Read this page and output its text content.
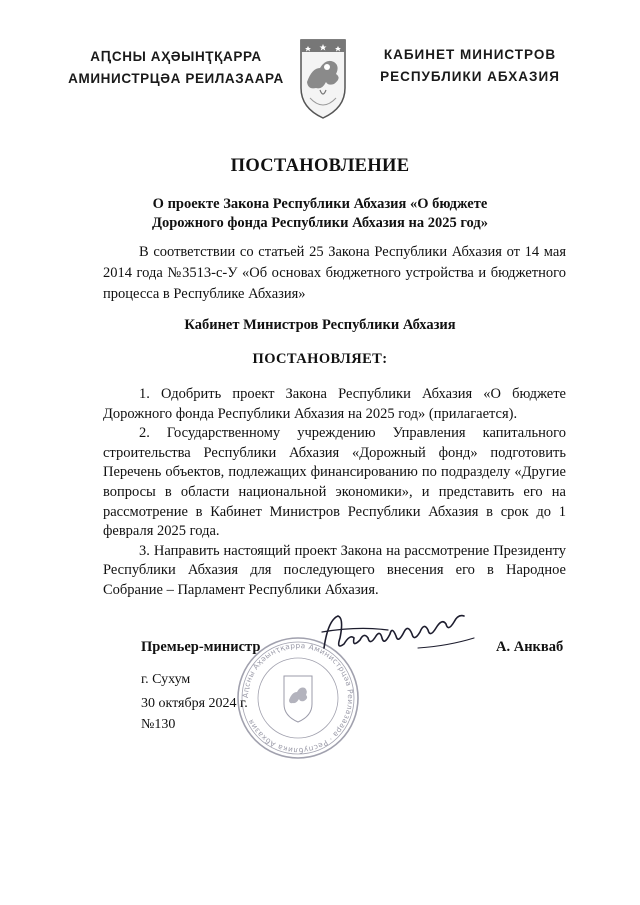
АԤСНЫ АҲӘЫНҬҚАРРА
АМИНИСТРЦӘА РЕИЛАЗААРА
КАБИНЕТ МИНИСТРОВ
РЕСПУБЛИКИ АБХАЗИЯ
ПОСТАНОВЛЕНИЕ
О проекте Закона Республики Абхазия «О бюджете
Дорожного фонда Республики Абхазия на 2025 год»
В соответствии со статьей 25 Закона Республики Абхазия от 14 мая 2014 года №3513-с-У «Об основах бюджетного устройства и бюджетного процесса в Республике Абхазия»
Кабинет Министров Республики Абхазия
ПОСТАНОВЛЯЕТ:

1. Одобрить проект Закона Республики Абхазия «О бюджете Дорожного фонда Республики Абхазия на 2025 год» (прилагается).

2. Государственному учреждению Управления капитального строительства Республики Абхазия «Дорожный фонд» подготовить Перечень объектов, подлежащих финансированию по подразделу «Другие вопросы в области национальной экономики», и представить его на рассмотрение в Кабинет Министров Республики Абхазия в срок до 1 февраля 2025 года.

3. Направить настоящий проект Закона на рассмотрение Президенту Республики Абхазия для последующего внесения его в Народное Собрание – Парламент Республики Абхазия.

Аԥсны Аҳәынҭқарра Аминистрцәа Реилазаара · Республика Абхазия
Премьер-министр	А. Анкваб
г. Сухум
30 октября 2024 г.
№130
